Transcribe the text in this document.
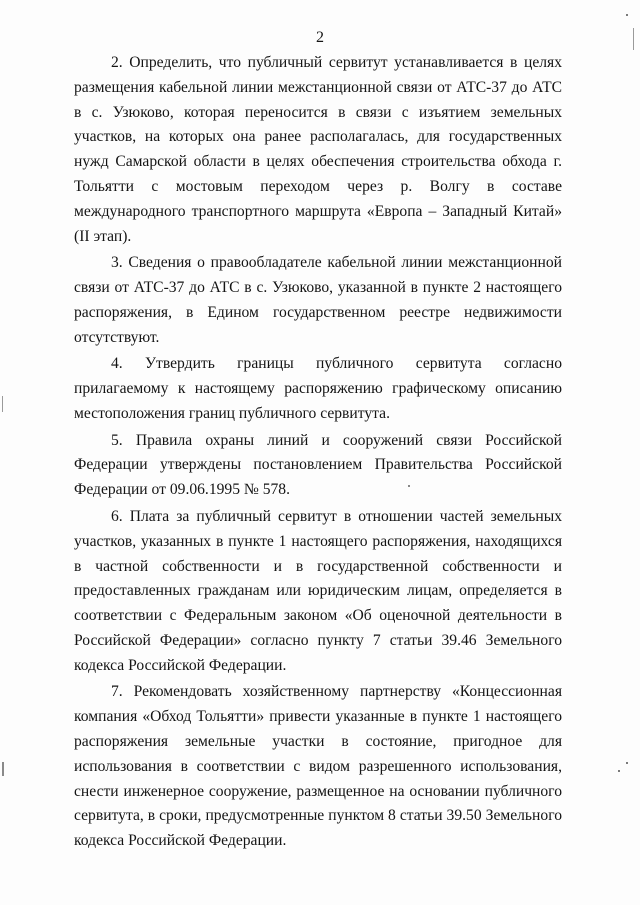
2

2. Определить, что публичный сервитут устанавливается в целях размещения кабельной линии межстанционной связи от АТС-37 до АТС в с. Узюково, которая переносится в связи с изъятием земельных участков, на которых она ранее располагалась, для государственных нужд Самарской области в целях обеспечения строительства обхода г. Тольятти с мостовым переходом через р. Волгу в составе международного транспортного маршрута «Европа – Западный Китай» (II этап).

3. Сведения о правообладателе кабельной линии межстанционной связи от АТС-37 до АТС в с. Узюково, указанной в пункте 2 настоящего распоряжения, в Едином государственном реестре недвижимости отсутствуют.

4. Утвердить границы публичного сервитута согласно прилагаемому к настоящему распоряжению графическому описанию местоположения границ публичного сервитута.

5. Правила охраны линий и сооружений связи Российской Федерации утверждены постановлением Правительства Российской Федерации от 09.06.1995 № 578.

6. Плата за публичный сервитут в отношении частей земельных участков, указанных в пункте 1 настоящего распоряжения, находящихся в частной собственности и в государственной собственности и предоставленных гражданам или юридическим лицам, определяется в соответствии с Федеральным законом «Об оценочной деятельности в Российской Федерации» согласно пункту 7 статьи 39.46 Земельного кодекса Российской Федерации.

7. Рекомендовать хозяйственному партнерству «Концессионная компания «Обход Тольятти» привести указанные в пункте 1 настоящего распоряжения земельные участки в состояние, пригодное для использования в соответствии с видом разрешенного использования, снести инженерное сооружение, размещенное на основании публичного сервитута, в сроки, предусмотренные пунктом 8 статьи 39.50 Земельного кодекса Российской Федерации.
